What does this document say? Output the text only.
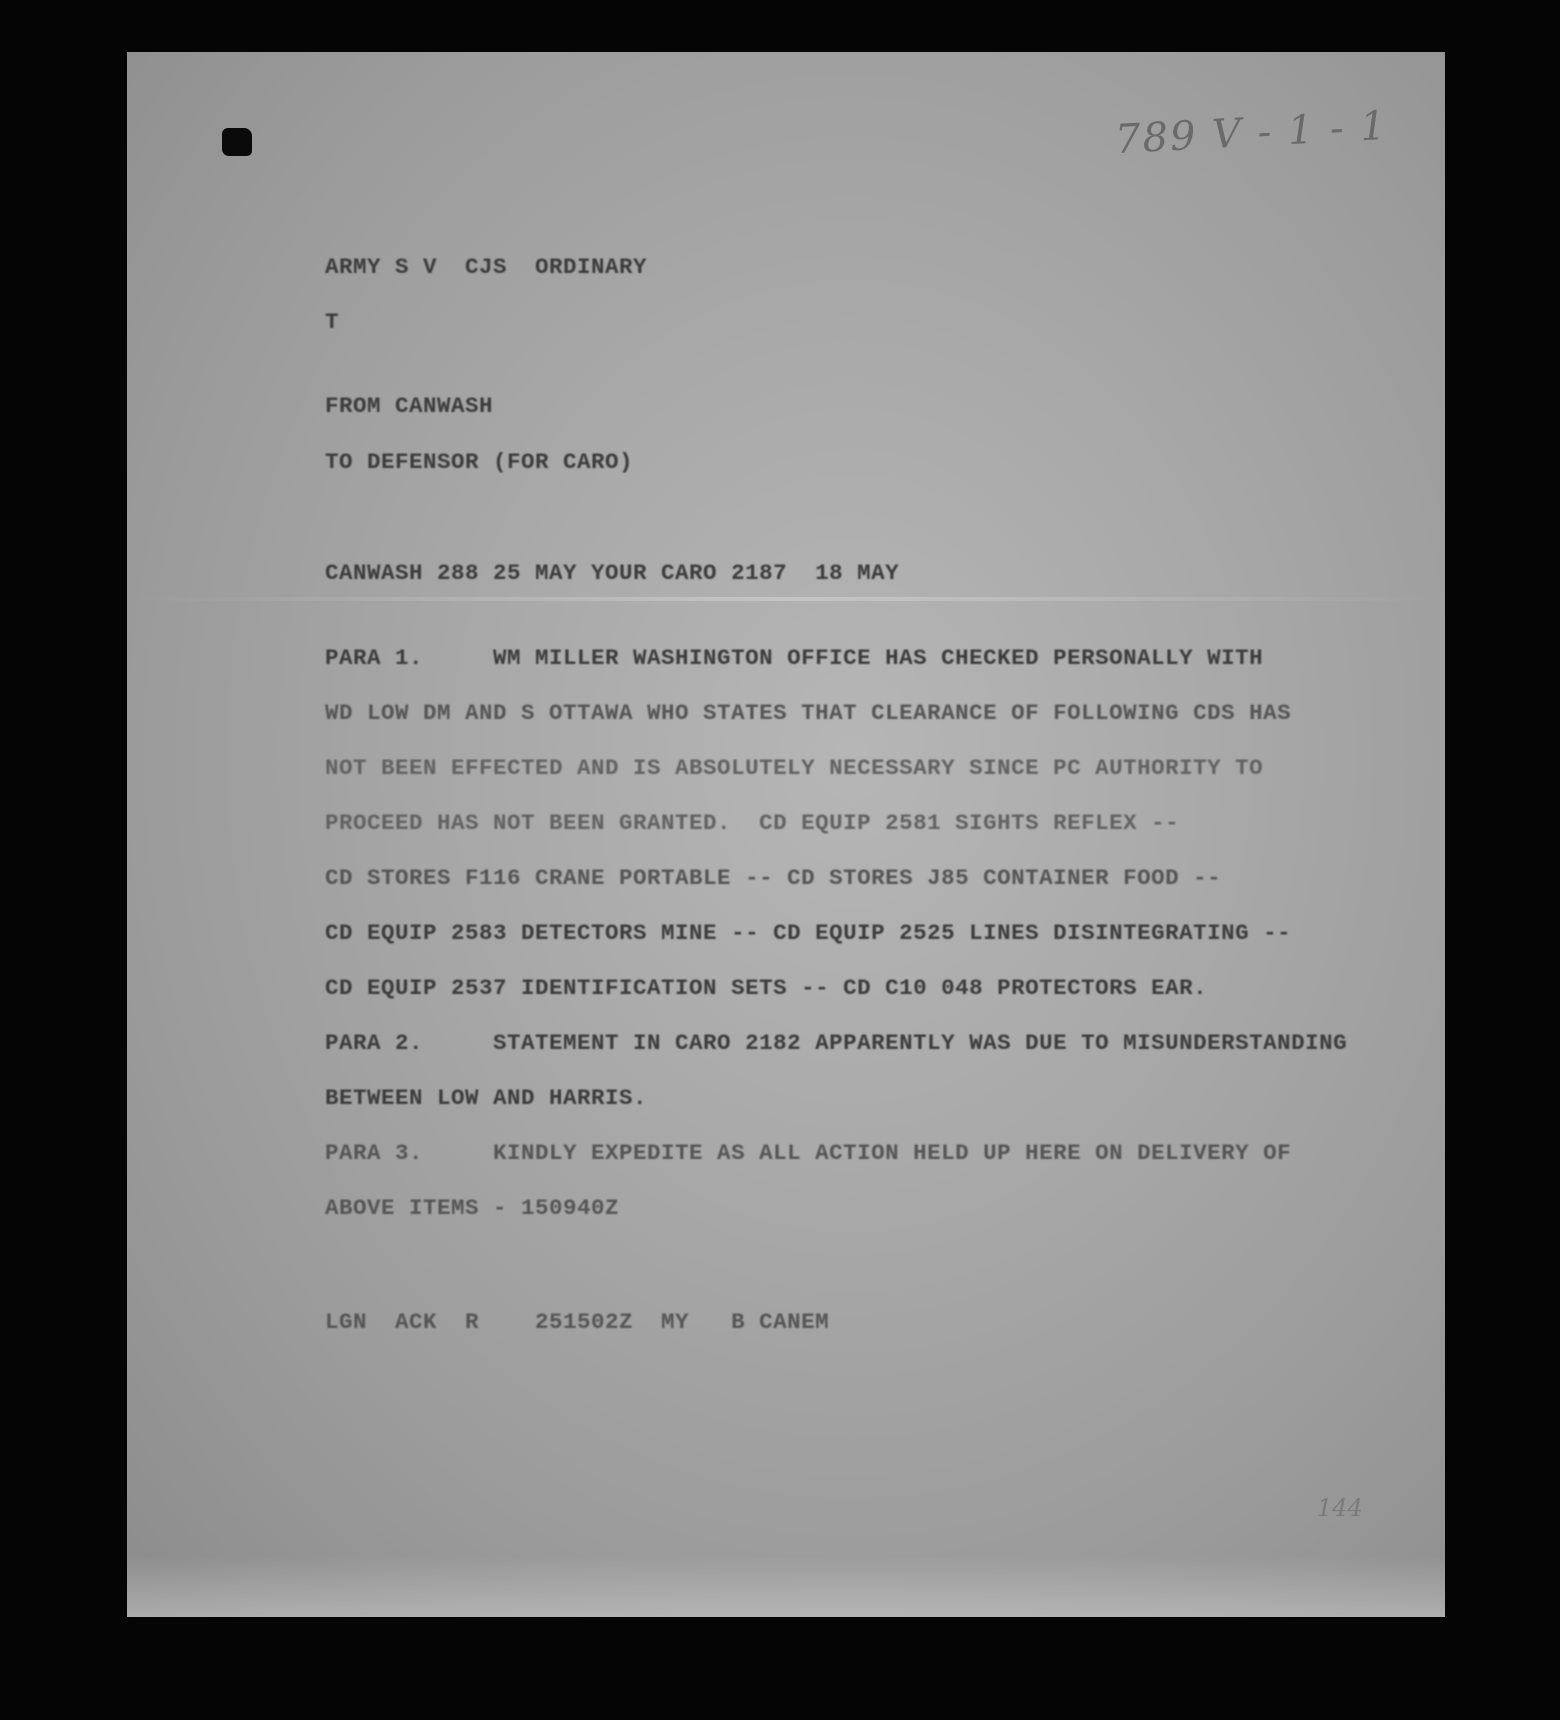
789 V - 1 - 1
ARMY S V  CJS  ORDINARY
T
FROM CANWASH
TO DEFENSOR (FOR CARO)
CANWASH 288 25 MAY YOUR CARO 2187  18 MAY
PARA 1.     WM MILLER WASHINGTON OFFICE HAS CHECKED PERSONALLY WITH
WD LOW DM AND S OTTAWA WHO STATES THAT CLEARANCE OF FOLLOWING CDS HAS
NOT BEEN EFFECTED AND IS ABSOLUTELY NECESSARY SINCE PC AUTHORITY TO
PROCEED HAS NOT BEEN GRANTED.  CD EQUIP 2581 SIGHTS REFLEX --
CD STORES F116 CRANE PORTABLE -- CD STORES J85 CONTAINER FOOD --
CD EQUIP 2583 DETECTORS MINE -- CD EQUIP 2525 LINES DISINTEGRATING --
CD EQUIP 2537 IDENTIFICATION SETS -- CD C10 048 PROTECTORS EAR.
PARA 2.     STATEMENT IN CARO 2182 APPARENTLY WAS DUE TO MISUNDERSTANDING
BETWEEN LOW AND HARRIS.
PARA 3.     KINDLY EXPEDITE AS ALL ACTION HELD UP HERE ON DELIVERY OF
ABOVE ITEMS - 150940Z
LGN  ACK  R    251502Z  MY   B CANEM
144
